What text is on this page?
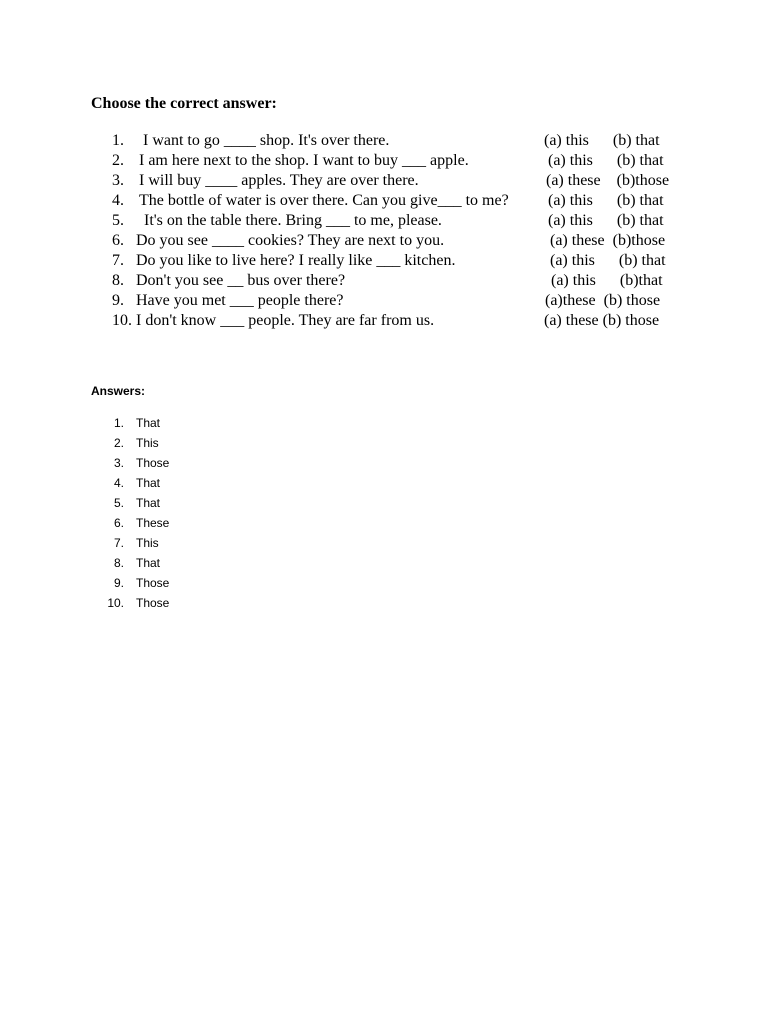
Choose the correct answer:
1. I want to go ____ shop. It's over there.	(a) this      (b) that
2. I am here next to the shop. I want to buy ___ apple.	(a) this      (b) that
3. I will buy ____ apples. They are over there.	(a) these    (b)those
4. The bottle of water is over there. Can you give___ to me? (a) this      (b) that
5. It's on the table there. Bring ___ to me, please.	(a) this      (b) that
6. Do you see ____ cookies? They are next to you.	(a) these  (b)those
7. Do you like to live here? I really like ___ kitchen.	(a) this      (b) that
8. Don't you see __ bus over there?	(a) this      (b)that
9. Have you met ___ people there?	(a)these  (b) those
10. I don't know ___ people. They are far from us.	(a) these (b) those
Answers:
1. That
2. This
3. Those
4. That
5. That
6. These
7. This
8. That
9. Those
10. Those
